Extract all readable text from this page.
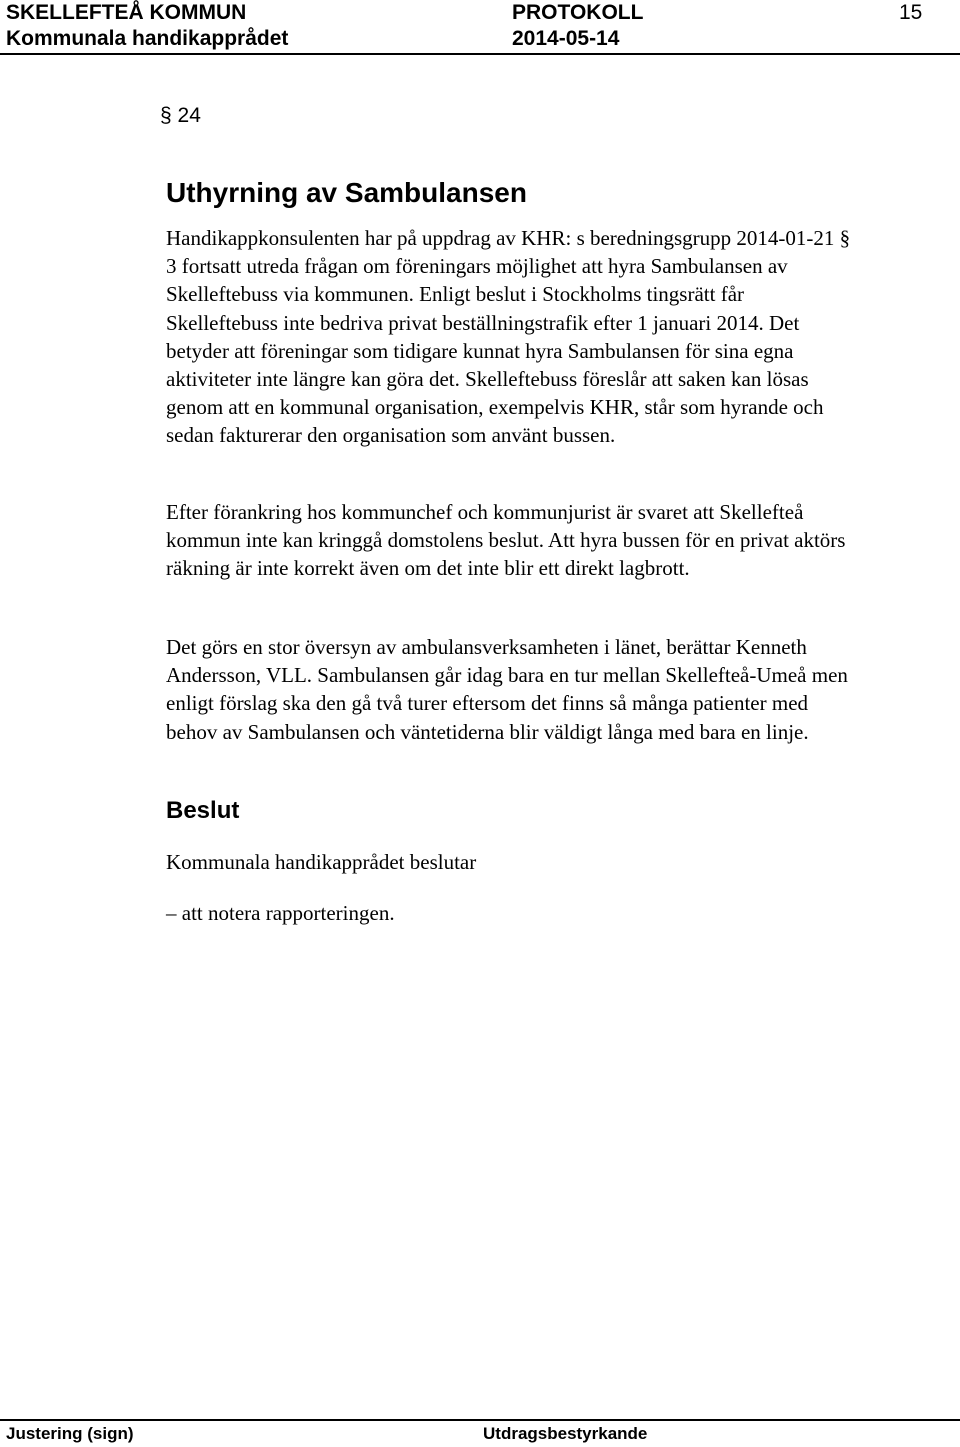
SKELLEFTEÅ KOMMUN	PROTOKOLL	15
Kommunala handikapprådet	2014-05-14
§ 24
Uthyrning av Sambulansen

Handikappkonsulenten har på uppdrag av KHR: s beredningsgrupp 2014-01-21 § 3 fortsatt utreda frågan om föreningars möjlighet att hyra Sambulansen av Skelleftebuss via kommunen. Enligt beslut i Stockholms tingsrätt får Skelleftebuss inte bedriva privat beställningstrafik efter 1 januari 2014. Det betyder att föreningar som tidigare kunnat hyra Sambulansen för sina egna aktiviteter inte längre kan göra det. Skelleftebuss föreslår att saken kan lösas genom att en kommunal organisation, exempelvis KHR, står som hyrande och sedan fakturerar den organisation som använt bussen.

Efter förankring hos kommunchef och kommunjurist är svaret att Skellefteå kommun inte kan kringgå domstolens beslut. Att hyra bussen för en privat aktörs räkning är inte korrekt även om det inte blir ett direkt lagbrott.

Det görs en stor översyn av ambulansverksamheten i länet, berättar Kenneth Andersson, VLL. Sambulansen går idag bara en tur mellan Skellefteå-Umeå men enligt förslag ska den gå två turer eftersom det finns så många patienter med behov av Sambulansen och väntetiderna blir väldigt långa med bara en linje.

Beslut
Kommunala handikapprådet beslutar
– att notera rapporteringen.
Justering (sign)	Utdragsbestyrkande
